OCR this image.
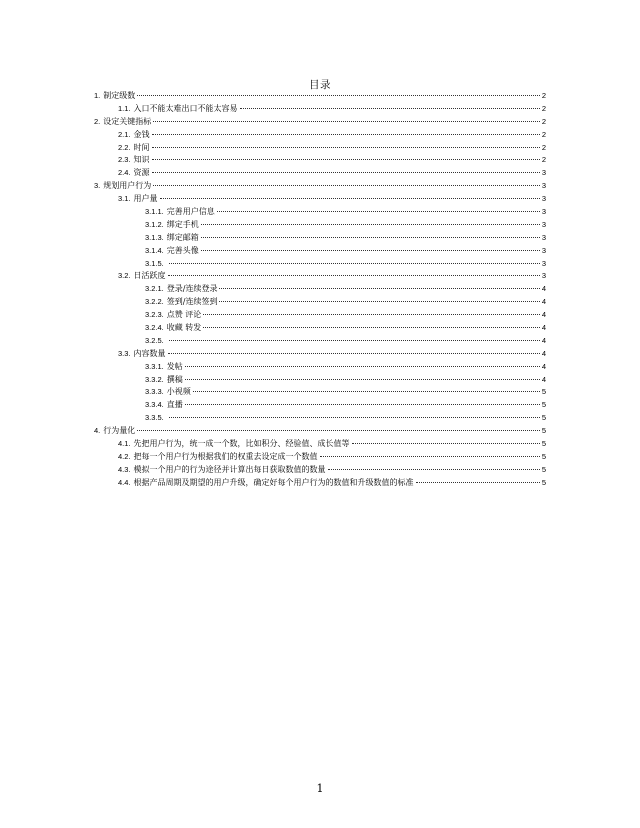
目录
1. 制定级数	2
1.1. 入口不能太难出口不能太容易	2
2. 设定关键指标	2
2.1. 金钱	2
2.2. 时间	2
2.3. 知识	2
2.4. 资源	3
3. 规划用户行为	3
3.1. 用户量	3
3.1.1. 完善用户信息	3
3.1.2. 绑定手机	3
3.1.3. 绑定邮箱	3
3.1.4. 完善头像	3
3.1.5.	3
3.2. 日活跃度	3
3.2.1. 登录/连续登录	4
3.2.2. 签到/连续签到	4
3.2.3. 点赞 评论	4
3.2.4. 收藏 转发	4
3.2.5.	4
3.3. 内容数量	4
3.3.1. 发帖	4
3.3.2. 撰稿	4
3.3.3. 小视频	5
3.3.4. 直播	5
3.3.5.	5
4. 行为量化	5
4.1. 先把用户行为，统一成一个数，比如积分、经验值、成长值等	5
4.2. 把每一个用户行为根据我们的权重去设定成一个数值	5
4.3. 模拟一个用户的行为途径并计算出每日获取数值的数量	5
4.4. 根据产品周期及期望的用户升级，确定好每个用户行为的数值和升级数值的标准	5
1
